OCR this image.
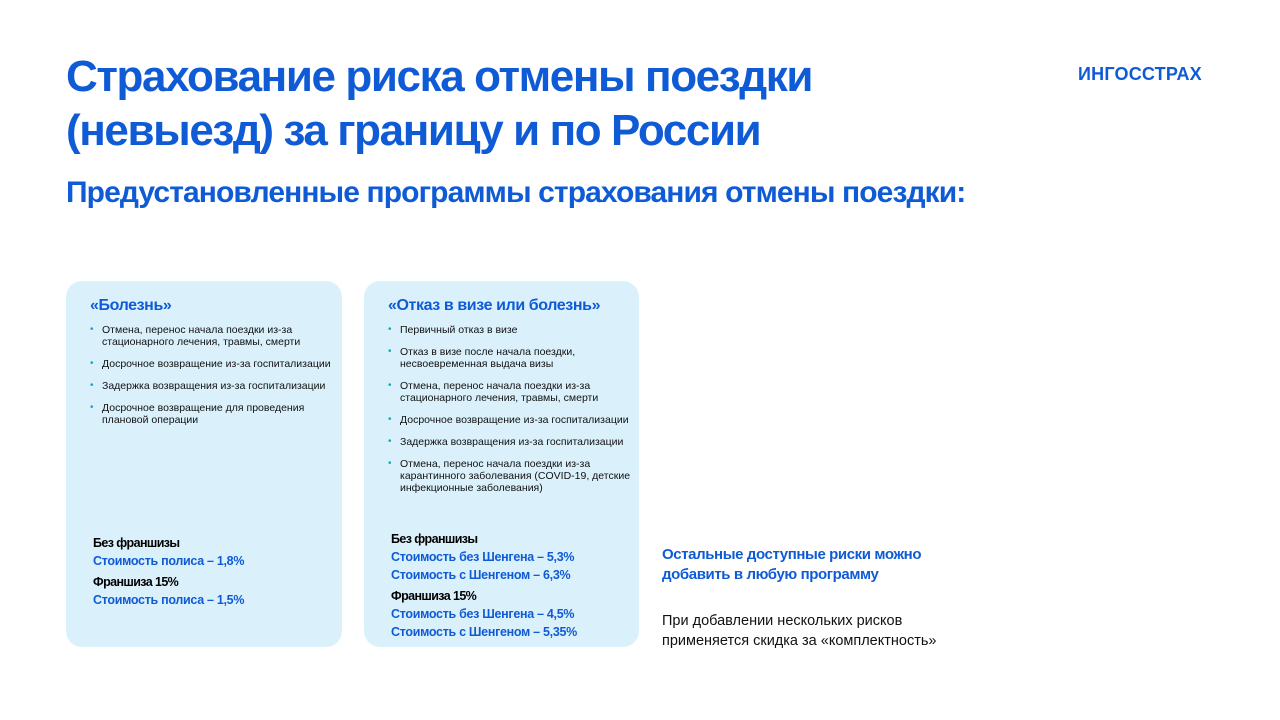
Страхование риска отмены поездки (невыезд) за границу и по России
ИНГОССТРАХ
Предустановленные программы страхования отмены поездки:
«Болезнь»
• Отмена, перенос начала поездки из-за стационарного лечения, травмы, смерти
• Досрочное возвращение из-за госпитализации
• Задержка возвращения из-за госпитализации
• Досрочное возвращение для проведения плановой операции

Без франшизы

Стоимость полиса – 1,8%

Франшиза 15%

Стоимость полиса – 1,5%

«Отказ в визе или болезнь»
• Первичный отказ в визе
• Отказ в визе после начала поездки, несвоевременная выдача визы
• Отмена, перенос начала поездки из-за стационарного лечения, травмы, смерти
• Досрочное возвращение из-за госпитализации
• Задержка возвращения из-за госпитализации
• Отмена, перенос начала поездки из-за карантинного заболевания (COVID-19, детские инфекционные заболевания)

Без франшизы

Стоимость без Шенгена – 5,3%

Стоимость с Шенгеном – 6,3%

Франшиза 15%

Стоимость без Шенгена – 4,5%

Стоимость с Шенгеном – 5,35%

Остальные доступные риски можно добавить в любую программу

При добавлении нескольких рисков применяется скидка за «комплектность»
